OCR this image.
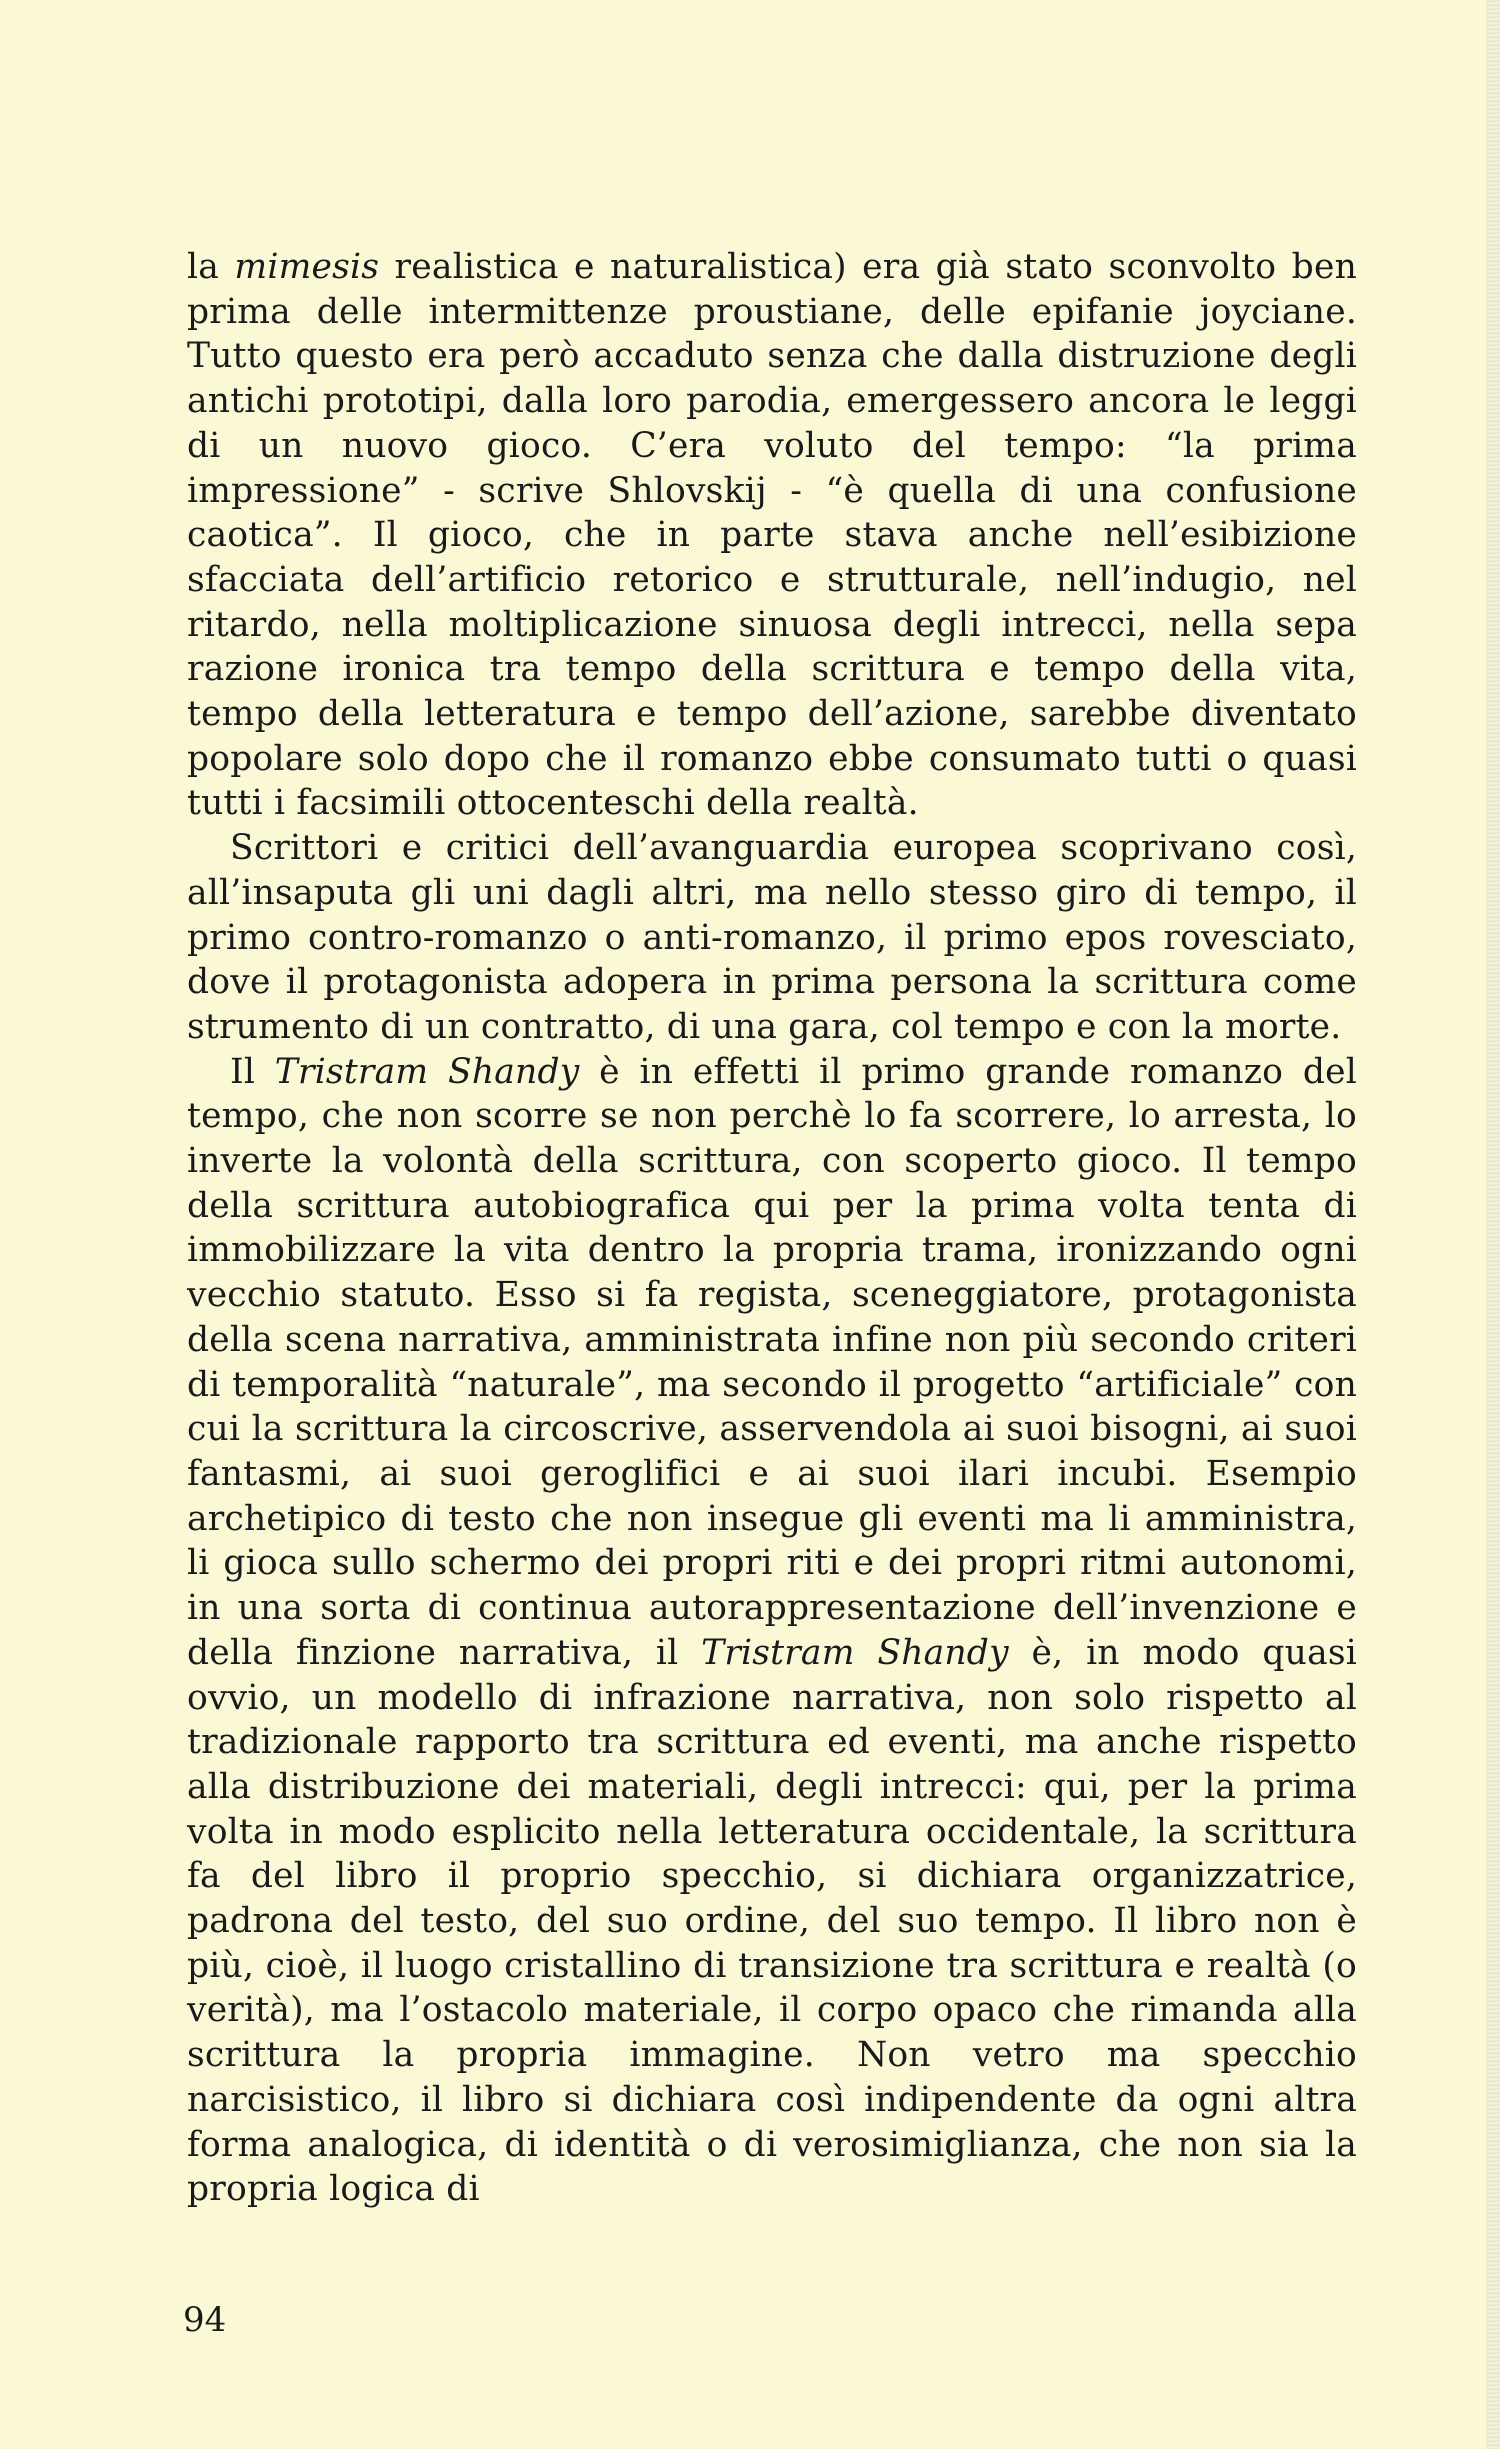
la mimesis realistica e naturalistica) era già stato sconvolto ben prima delle intermittenze proustiane, delle epifanie joyciane. Tutto questo era però accaduto senza che dalla distruzione degli antichi prototipi, dalla loro parodia, emergessero ancora le leggi di un nuovo gioco. C’era voluto del tempo: “la prima impressione” - scrive Shlovskij - “è quella di una confusione caotica”. Il gioco, che in parte stava anche nell’esibizione sfacciata dell’artificio retorico e strutturale, nell’indugio, nel ritardo, nella moltiplicazione sinuosa degli intrecci, nella sepa razione ironica tra tempo della scrittura e tempo della vita, tempo della letteratura e tempo dell’azione, sarebbe diventato popolare solo dopo che il romanzo ebbe consumato tutti o quasi tutti i facsimili ottocenteschi della realtà.

Scrittori e critici dell’avanguardia europea scoprivano così, all’insaputa gli uni dagli altri, ma nello stesso giro di tempo, il primo contro-romanzo o anti-romanzo, il primo epos rovesciato, dove il protagonista adopera in prima persona la scrittura come strumento di un contratto, di una gara, col tempo e con la morte.

Il Tristram Shandy è in effetti il primo grande romanzo del tempo, che non scorre se non perchè lo fa scorrere, lo arresta, lo inverte la volontà della scrittura, con scoperto gioco. Il tempo della scrittura autobiografica qui per la prima volta tenta di immobilizzare la vita dentro la propria trama, ironizzando ogni vecchio statuto. Esso si fa regista, sceneggiatore, protagonista della scena narrativa, amministrata infine non più secondo criteri di temporalità “naturale”, ma secondo il progetto “artificiale” con cui la scrittura la circoscrive, asservendola ai suoi bisogni, ai suoi fantasmi, ai suoi geroglifici e ai suoi ilari incubi. Esempio archetipico di testo che non insegue gli eventi ma li amministra, li gioca sullo schermo dei propri riti e dei propri ritmi autonomi, in una sorta di continua autorappresentazione dell’invenzione e della finzione narrativa, il Tristram Shandy è, in modo quasi ovvio, un modello di infrazione narrativa, non solo rispetto al tradizionale rapporto tra scrittura ed eventi, ma anche rispetto alla distribuzione dei materiali, degli intrecci: qui, per la prima volta in modo esplicito nella letteratura occidentale, la scrittura fa del libro il proprio specchio, si dichiara organizzatrice, padrona del testo, del suo ordine, del suo tempo. Il libro non è più, cioè, il luogo cristallino di transizione tra scrittura e realtà (o verità), ma l’ostacolo materiale, il corpo opaco che rimanda alla scrittura la propria immagine. Non vetro ma specchio narcisistico, il libro si dichiara così indipendente da ogni altra forma analogica, di identità o di verosimiglianza, che non sia la propria logica di

94
